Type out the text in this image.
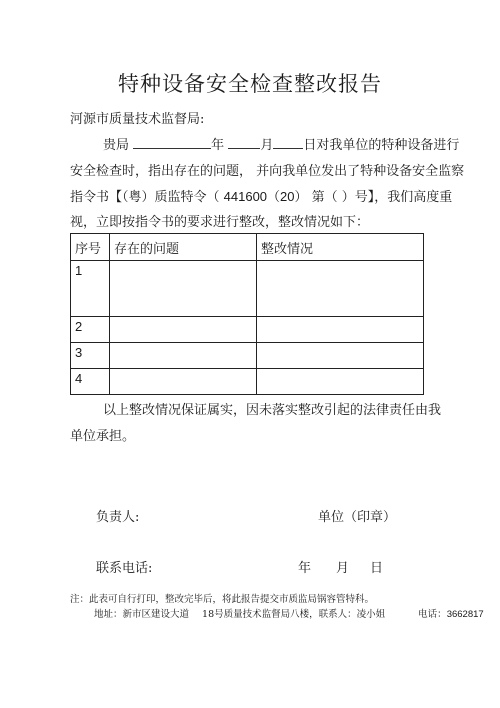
特种设备安全检查整改报告
河源市质量技术监督局:
贵局	年	月 日对我单位的特种设备进行
安全检查时，指出存在的问题， 并向我单位发出了特种设备安全监察
指令书【（粤）质监特令（ 441600（20） 第（ ）号】，我们高度重
视，立即按指令书的要求进行整改，整改情况如下：
序号	存在的问题	整改情况
1		
2		
3		
4		
以上整改情况保证属实，因未落实整改引起的法律责任由我
单位承担。
负责人:	单位（印章）
联系电话:	年 月 日
注：此表可自行打印，整改完毕后，将此报告提交市质监局锅容管特科。
地址：新市区建设大道 18号质量技术监督局八楼，联系人：凌小姐	电话：3662817
